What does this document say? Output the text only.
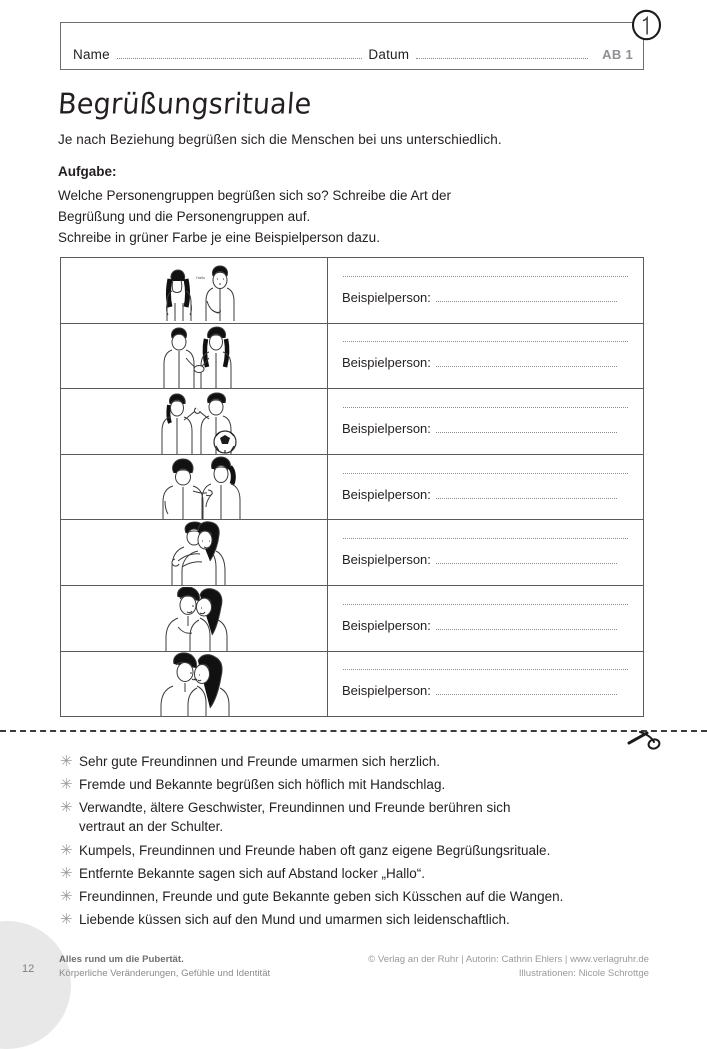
Name	Datum	AB 1
Begrüßungsrituale
Je nach Beziehung begrüßen sich die Menschen bei uns unterschiedlich.
Aufgabe:
Welche Personengruppen begrüßen sich so? Schreibe die Art der
Begrüßung und die Personengruppen auf.
Schreibe in grüner Farbe je eine Beispielperson dazu.
Hallo
Beispielperson:
Beispielperson:
Beispielperson:
Beispielperson:
Beispielperson:
Beispielperson:
Beispielperson:
✳ Sehr gute Freundinnen und Freunde umarmen sich herzlich.
✳ Fremde und Bekannte begrüßen sich höflich mit Handschlag.
✳ Verwandte, ältere Geschwister, Freundinnen und Freunde berühren sich
vertraut an der Schulter.
✳ Kumpels, Freundinnen und Freunde haben oft ganz eigene Begrüßungsrituale.
✳ Entfernte Bekannte sagen sich auf Abstand locker „Hallo“.
✳ Freundinnen, Freunde und gute Bekannte geben sich Küsschen auf die Wangen.
✳ Liebende küssen sich auf den Mund und umarmen sich leidenschaftlich.
12
Alles rund um die Pubertät.
Körperliche Veränderungen, Gefühle und Identität
© Verlag an der Ruhr | Autorin: Cathrin Ehlers | www.verlagruhr.de
Illustrationen: Nicole Schrottge
